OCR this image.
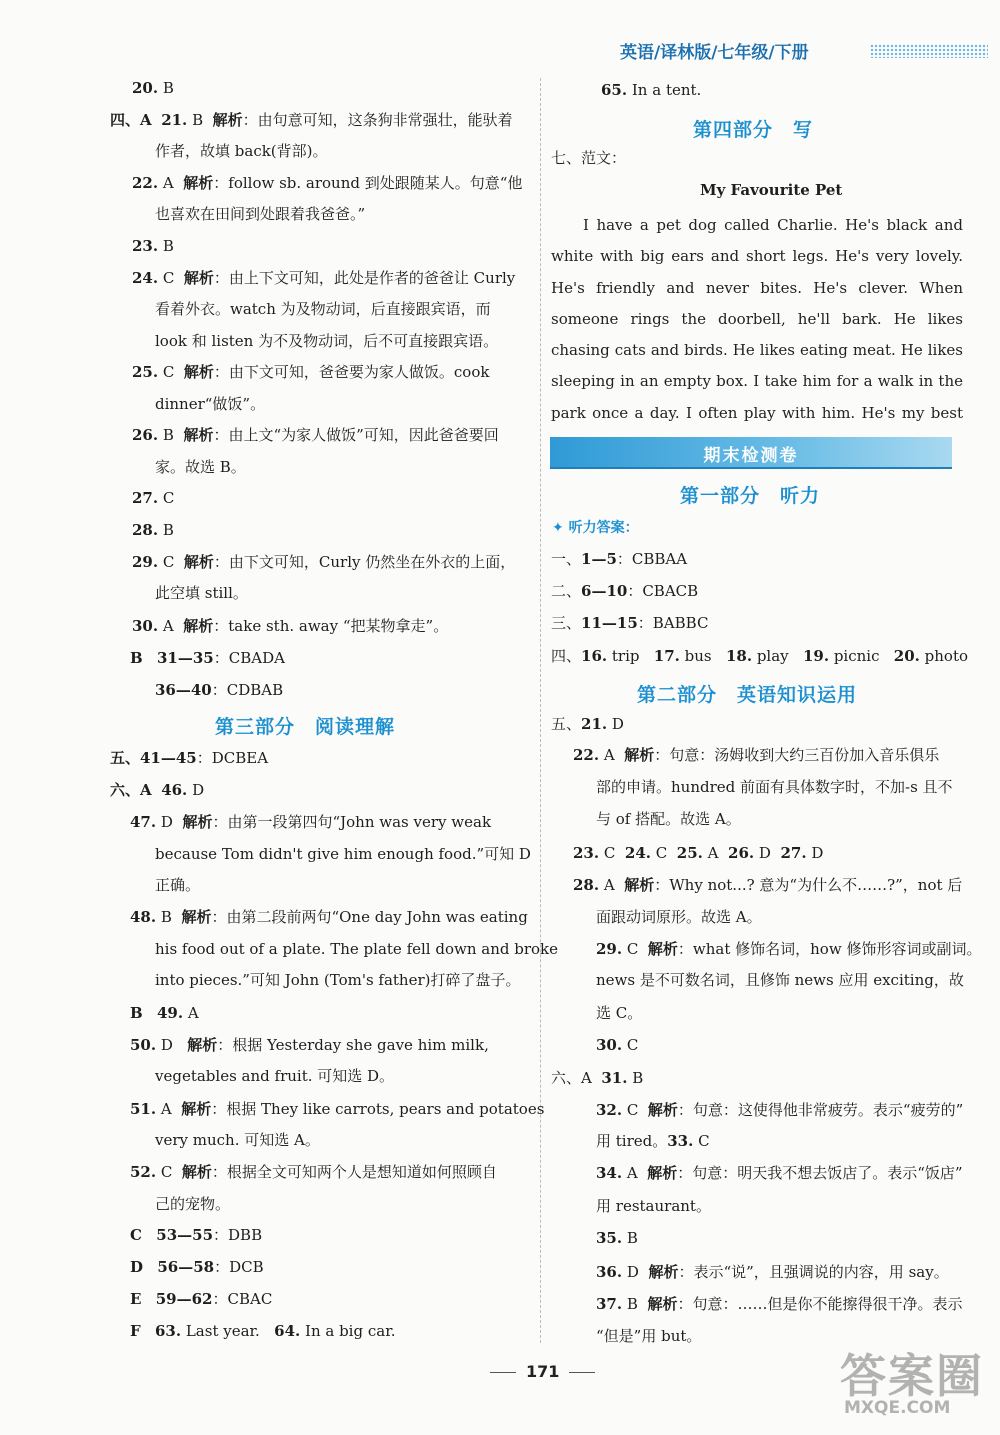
英语/译林版/七年级/下册
20. B
四、A 21. B  解析：由句意可知，这条狗非常强壮，能驮着
作者，故填 back(背部)。
22. A  解析：follow sb. around 到处跟随某人。句意“他
也喜欢在田间到处跟着我爸爸。”
23. B
24. C  解析：由上下文可知，此处是作者的爸爸让 Curly
看着外衣。watch 为及物动词，后直接跟宾语，而
look 和 listen 为不及物动词，后不可直接跟宾语。
25. C  解析：由下文可知，爸爸要为家人做饭。cook
dinner“做饭”。
26. B  解析：由上文“为家人做饭”可知，因此爸爸要回
家。故选 B。
27. C
28. B
29. C  解析：由下文可知，Curly 仍然坐在外衣的上面，
此空填 still。
30. A  解析：take sth. away “把某物拿走”。
B 31—35：CBADA
36—40：CDBAB
五、41—45：DCBEA
六、A 46. D
47. D  解析：由第一段第四句“John was very weak
because Tom didn't give him enough food.”可知 D
正确。
48. B  解析：由第二段前两句“One day John was eating
his food out of a plate. The plate fell down and broke
into pieces.”可知 John (Tom's father)打碎了盘子。
B 49. A
50. D   解析：根据 Yesterday she gave him milk,
vegetables and fruit. 可知选 D。
51. A  解析：根据 They like carrots, pears and potatoes
very much. 可知选 A。
52. C  解析：根据全文可知两个人是想知道如何照顾自
己的宠物。
C 53—55：DBB
D 56—58：DCB
E 59—62：CBAC
F 63. Last year.   64. In a big car.
第三部分　阅读理解
65. In a tent.
第四部分　写
七、范文：
My Favourite Pet
I have a pet dog called Charlie. He's black and white with big ears and short legs. He's very lovely. He's friendly and never bites. He's clever. When someone rings the doorbell, he'll bark. He likes chasing cats and birds. He likes eating meat. He likes sleeping in an empty box. I take him for a walk in the park once a day. I often play with him. He's my best
期末检测卷
第一部分　听力
✦ 听力答案：
第二部分　英语知识运用
一、1—5：CBBAA
二、6—10：CBACB
三、11—15：BABBC
四、16. trip   17. bus   18. play   19. picnic   20. photo
五、21. D
22. A  解析：句意：汤姆收到大约三百份加入音乐俱乐
部的申请。hundred 前面有具体数字时，不加-s 且不
与 of 搭配。故选 A。
23. C  24. C  25. A  26. D  27. D
28. A  解析：Why not...? 意为“为什么不……?”，not 后
面跟动词原形。故选 A。
29. C  解析：what 修饰名词，how 修饰形容词或副词。
news 是不可数名词，且修饰 news 应用 exciting，故
选 C。
30. C
六、A  31. B
32. C  解析：句意：这使得他非常疲劳。表示“疲劳的”
用 tired。33. C
34. A  解析：句意：明天我不想去饭店了。表示“饭店”
用 restaurant。
35. B
36. D  解析：表示“说”，且强调说的内容，用 say。
37. B  解析：句意：……但是你不能擦得很干净。表示
“但是”用 but。
171	答案圈
MXQE.COM
